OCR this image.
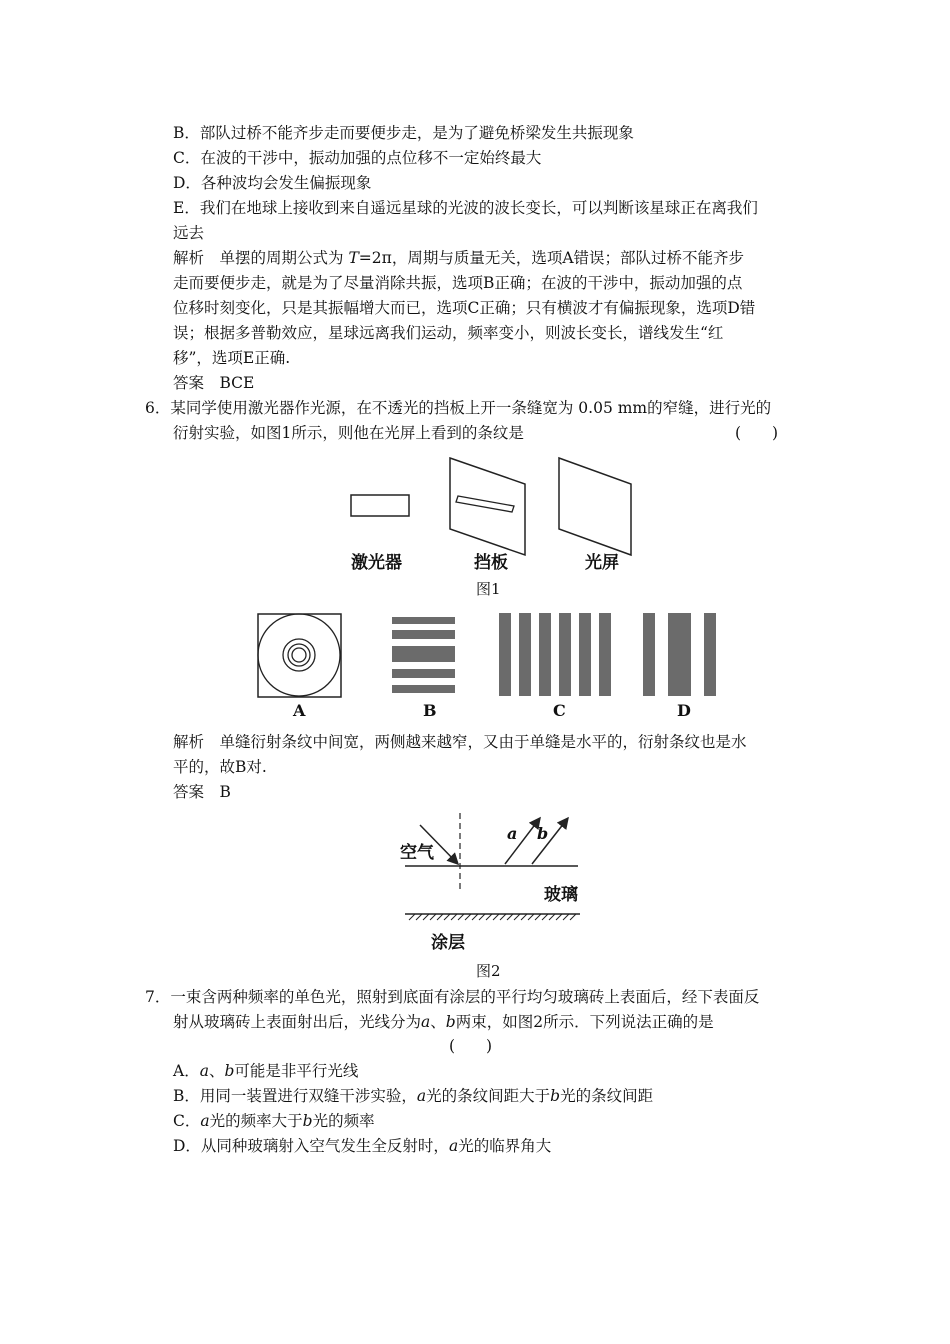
B．部队过桥不能齐步走而要便步走，是为了避免桥梁发生共振现象
C．在波的干涉中，振动加强的点位移不一定始终最大
D．各种波均会发生偏振现象
E．我们在地球上接收到来自遥远星球的光波的波长变长，可以判断该星球正在离我们
远去
解析　单摆的周期公式为 T=2π，周期与质量无关，选项A错误；部队过桥不能齐步
走而要便步走，就是为了尽量消除共振，选项B正确；在波的干涉中，振动加强的点
位移时刻变化，只是其振幅增大而已，选项C正确；只有横波才有偏振现象，选项D错
误；根据多普勒效应，星球远离我们运动，频率变小，则波长变长，谱线发生“红
移”，选项E正确.
答案　BCE
6．某同学使用激光器作光源，在不透光的挡板上开一条缝宽为 0.05 mm的窄缝，进行光的
衍射实验，如图1所示，则他在光屏上看到的条纹是	(　　)
激光器	挡板	光屏
图1
A	B	C	D
解析　单缝衍射条纹中间宽，两侧越来越窄，又由于单缝是水平的，衍射条纹也是水
平的，故B对.
答案　B
空气
玻璃
涂层
a b
图2
7．一束含两种频率的单色光，照射到底面有涂层的平行均匀玻璃砖上表面后，经下表面反
射从玻璃砖上表面射出后，光线分为a、b两束，如图2所示．下列说法正确的是
(　　)
A．a、b可能是非平行光线
B．用同一装置进行双缝干涉实验，a光的条纹间距大于b光的条纹间距
C．a光的频率大于b光的频率
D．从同种玻璃射入空气发生全反射时，a光的临界角大
